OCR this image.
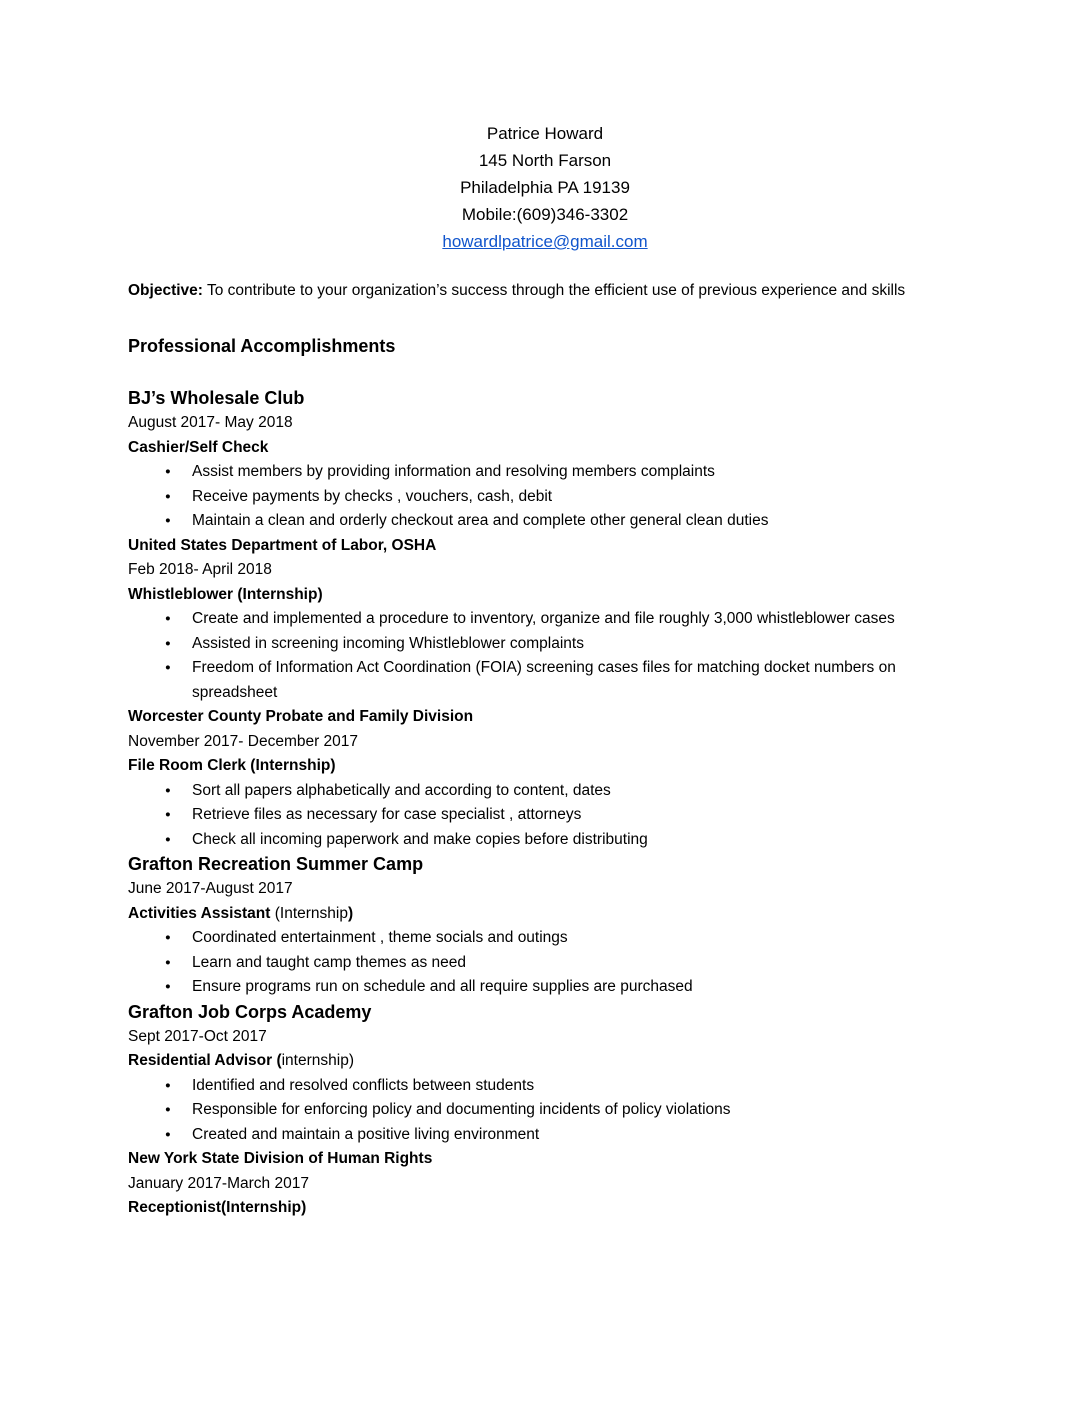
Patrice Howard
145 North Farson
Philadelphia PA 19139
Mobile:(609)346-3302
howardlpatrice@gmail.com

Objective: To contribute to your organization’s success through the efficient use of previous experience and skills

Professional Accomplishments
BJ’s Wholesale Club
August 2017- May 2018
Cashier/Self Check
● Assist members by providing information and resolving members complaints
● Receive payments by checks , vouchers, cash, debit
● Maintain a clean and orderly checkout area and complete other general clean duties
United States Department of Labor, OSHA
Feb 2018- April 2018
Whistleblower (Internship)
● Create and implemented a procedure to inventory, organize and file roughly 3,000 whistleblower cases
● Assisted in screening incoming Whistleblower complaints
● Freedom of Information Act Coordination (FOIA) screening cases files for matching docket numbers on spreadsheet
Worcester County Probate and Family Division
November 2017- December 2017
File Room Clerk (Internship)
● Sort all papers alphabetically and according to content, dates
● Retrieve files as necessary for case specialist , attorneys
● Check all incoming paperwork and make copies before distributing
Grafton Recreation Summer Camp
June 2017-August 2017
Activities Assistant (Internship)
● Coordinated entertainment , theme socials and outings
● Learn and taught camp themes as need
● Ensure programs run on schedule and all require supplies are purchased
Grafton Job Corps Academy
Sept 2017-Oct 2017
Residential Advisor (internship)
● Identified and resolved conflicts between students
● Responsible for enforcing policy and documenting incidents of policy violations
● Created and maintain a positive living environment
New York State Division of Human Rights
January 2017-March 2017
Receptionist(Internship)
